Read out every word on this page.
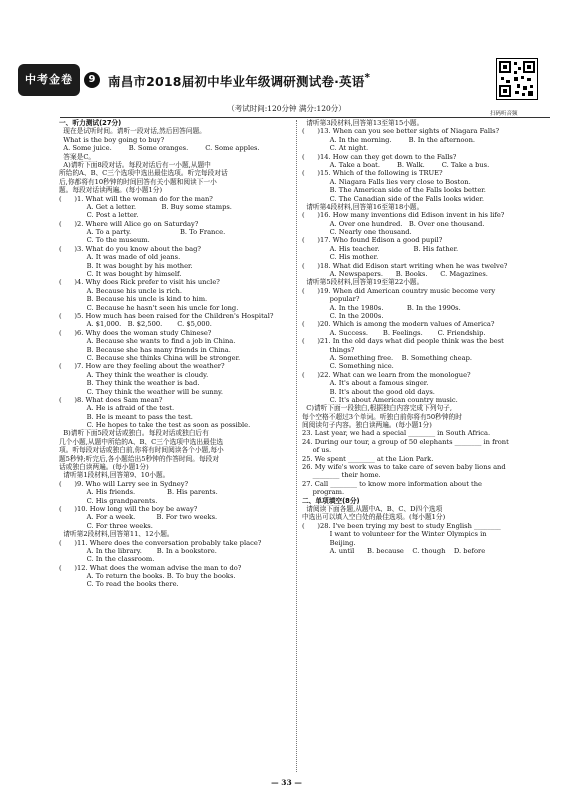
中考金卷	9	南昌市2018届初中毕业年级调研测试卷·英语*
扫码听音频
（考试时间:120分钟 满分:120分）
一、听力测试(27分)
现在是试听时间。请听一段对话,然后回答问题。
What is the boy going to buy?
A. Some juice.        B. Some oranges.        C. Some apples.
答案是C。
A)请听下面8段对话。每段对话后有一小题,从题中
所给的A、B、C三个选项中选出最佳选项。听完每段对话
后,你都将有10秒钟的时间回答有关小题和阅读下一小
题。每段对话读两遍。(每小题1分)
(      )1. What will the woman do for the man?
A. Get a letter.            B. Buy some stamps.
C. Post a letter.
(      )2. Where will Alice go on Saturday?
A. To a party.                       B. To France.
C. To the museum.
(      )3. What do you know about the bag?
A. It was made of old jeans.
B. It was bought by his mother.
C. It was bought by himself.
(      )4. Why does Rick prefer to visit his uncle?
A. Because his uncle is rich.
B. Because his uncle is kind to him.
C. Because he hasn't seen his uncle for long.
(      )5. How much has been raised for the Children's Hospital?
A. $1,000.   B. $2,500.       C. $5,000.
(      )6. Why does the woman study Chinese?
A. Because she wants to find a job in China.
B. Because she has many friends in China.
C. Because she thinks China will be stronger.
(      )7. How are they feeling about the weather?
A. They think the weather is cloudy.
B. They think the weather is bad.
C. They think the weather will be sunny.
(      )8. What does Sam mean?
A. He is afraid of the test.
B. He is meant to pass the test.
C. He hopes to take the test as soon as possible.
B)请听下面5段对话或独白。每段对话或独白后有
几个小题,从题中所给的A、B、C三个选项中选出最佳选
项。听每段对话或独白前,你将有时间阅读各个小题,每小
题5秒钟;听完后,各小题给出5秒钟的作答时间。每段对
话或独白读两遍。(每小题1分)
请听第1段材料,回答第9、10小题。
(      )9. Who will Larry see in Sydney?
A. His friends.               B. His parents.
C. His grandparents.
(      )10. How long will the boy be away?
A. For a week.          B. For two weeks.
C. For three weeks.
请听第2段材料,回答第11、12小题。
(      )11. Where does the conversation probably take place?
A. In the library.       B. In a bookstore.
C. In the classroom.
(      )12. What does the woman advise the man to do?
A. To return the books. B. To buy the books.
C. To read the books there.
请听第3段材料,回答第13至第15小题。
(      )13. When can you see better sights of Niagara Falls?
A. In the morning.        B. In the afternoon.
C. At night.
(      )14. How can they get down to the Falls?
A. Take a boat.        B. Walk.        C. Take a bus.
(      )15. Which of the following is TRUE?
A. Niagara Falls lies very close to Boston.
B. The American side of the Falls looks better.
C. The Canadian side of the Falls looks wider.
请听第4段材料,回答第16至第18小题。
(      )16. How many inventions did Edison invent in his life?
A. Over one hundred.   B. Over one thousand.
C. Nearly one thousand.
(      )17. Who found Edison a good pupil?
A. His teacher.                B. His father.
C. His mother.
(      )18. What did Edison start writing when he was twelve?
A. Newspapers.      B. Books.      C. Magazines.
请听第5段材料,回答第19至第22小题。
(      )19. When did American country music become very
popular?
A. In the 1980s.           B. In the 1990s.
C. In the 2000s.
(      )20. Which is among the modern values of America?
A. Success.       B. Feelings.       C. Friendship.
(      )21. In the old days what did people think was the best
things?
A. Something free.    B. Something cheap.
C. Something nice.
(      )22. What can we learn from the monologue?
A. It's about a famous singer.
B. It's about the good old days.
C. It's about American country music.
C)请听下面一段独白,根据独白内容完成下列句子,
每个空格不超过3个单词。听独白前你将有50秒钟的时
间阅读句子内容。独白读两遍。(每小题1分)
23. Last year, we had a special ________ in South Africa.
24. During our tour, a group of 50 elephants ________ in front
of us.
25. We spent ________ at the Lion Park.
26. My wife's work was to take care of seven baby lions and
________ their home.
27. Call ________ to know more information about the
program.
二、单项填空(8分)
请阅读下面各题,从题中A、B、C、D四个选项
中选出可以填入空白处的最佳选项。(每小题1分)
(      )28. I've been trying my best to study English ________
I want to volunteer for the Winter Olympics in
Beijing.
A. until      B. because    C. though    D. before
— 33 —
